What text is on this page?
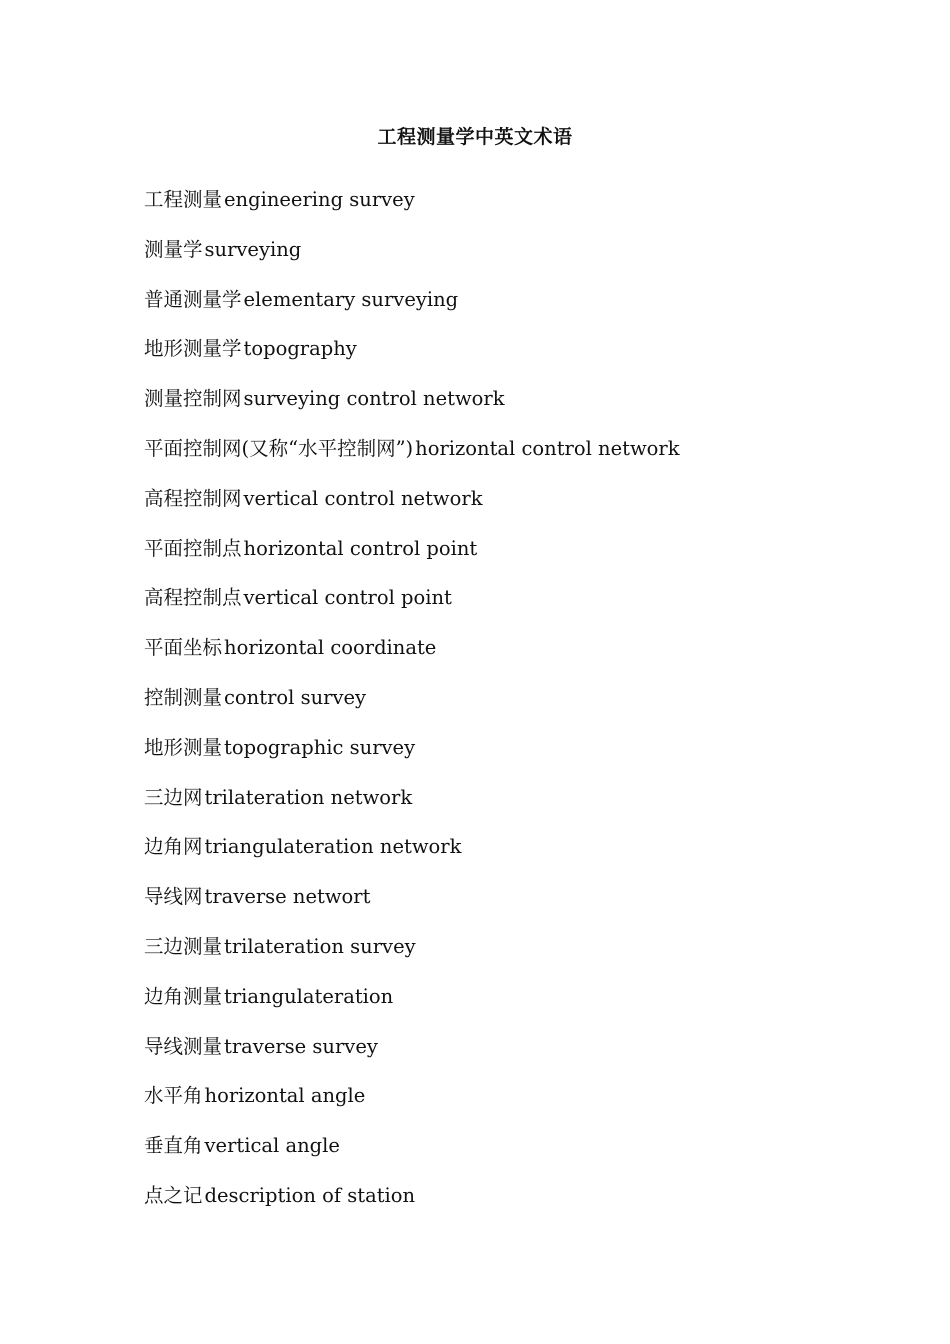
工程测量学中英文术语
工程测量 engineering survey
测量学 surveying
普通测量学 elementary surveying
地形测量学 topography
测量控制网 surveying control network
平面控制网(又称“水平控制网”) horizontal control network
高程控制网 vertical control network
平面控制点 horizontal control point
高程控制点 vertical control point
平面坐标 horizontal coordinate
控制测量 control survey
地形测量 topographic survey
三边网 trilateration network
边角网 triangulateration network
导线网 traverse networt
三边测量 trilateration survey
边角测量 triangulateration
导线测量 traverse survey
水平角 horizontal angle
垂直角 vertical angle
点之记 description of station
